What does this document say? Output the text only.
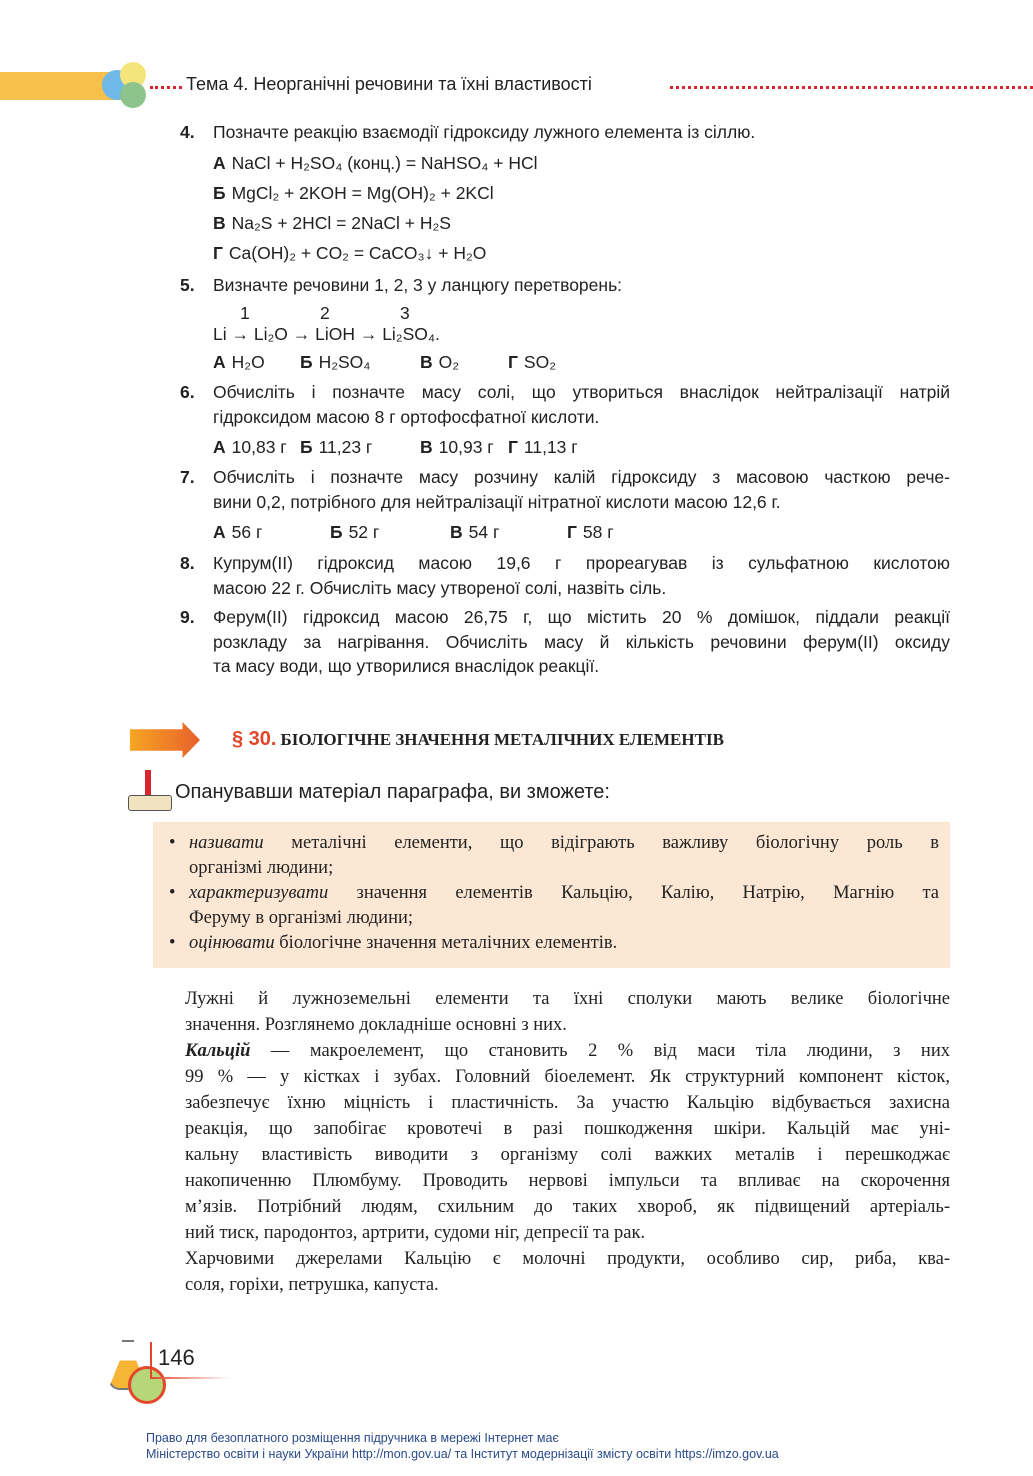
Тема 4. Неорганічні речовини та їхні властивості
4. Позначте реакцію взаємодії гідроксиду лужного елемента із сіллю.
А NaCl + H₂SO₄ (конц.) = NaHSO₄ + HCl
Б MgCl₂ + 2KOH = Mg(OH)₂ + 2KCl
В Na₂S + 2HCl = 2NaCl + H₂S
Г Ca(OH)₂ + CO₂ = CaCO₃↓ + H₂O
5. Визначте речовини 1, 2, 3 у ланцюгу перетворень:
1	2	3
Li → Li₂O → LiOH → Li₂SO₄.
А H₂O Б H₂SO₄	В O₂	Г SO₂
6. Обчисліть і позначте масу солі, що утвориться внаслідок нейтралізації натрій
гідроксидом масою 8 г ортофосфатної кислоти.
А 10,83 г Б 11,23 г	В 10,93 г Г 11,13 г
7. Обчисліть і позначте масу розчину калій гідроксиду з масовою часткою рече-
вини 0,2, потрібного для нейтралізації нітратної кислоти масою 12,6 г.
А 56 г	Б 52 г	В 54 г	Г 58 г
8. Купрум(ІІ) гідроксид масою 19,6 г прореагував із сульфатною кислотою
масою 22 г. Обчисліть масу утвореної солі, назвіть сіль.
9. Ферум(ІІ) гідроксид масою 26,75 г, що містить 20 % домішок, піддали реакції
розкладу за нагрівання. Обчисліть масу й кількість речовини ферум(ІІ) оксиду
та масу води, що утворилися внаслідок реакції.
§ 30. БІОЛОГІЧНЕ ЗНАЧЕННЯ МЕТАЛІЧНИХ ЕЛЕМЕНТІВ
Опанувавши матеріал параграфа, ви зможете:
• називати металічні елементи, що відіграють важливу біологічну роль в
організмі людини;
• характеризувати значення елементів Кальцію, Калію, Натрію, Магнію та
Феруму в організмі людини;
• оцінювати біологічне значення металічних елементів.
Лужні й лужноземельні елементи та їхні сполуки мають велике біологічне
значення. Розглянемо докладніше основні з них.
Кальцій — макроелемент, що становить 2 % від маси тіла людини, з них
99 % — у кістках і зубах. Головний біоелемент. Як структурний компонент кісток,
забезпечує їхню міцність і пластичність. За участю Кальцію відбувається захисна
реакція, що запобігає кровотечі в разі пошкодження шкіри. Кальцій має уні-
кальну властивість виводити з організму солі важких металів і перешкоджає
накопиченню Плюмбуму. Проводить нервові імпульси та впливає на скорочення
м’язів. Потрібний людям, схильним до таких хвороб, як підвищений артеріаль-
ний тиск, пародонтоз, артрити, судоми ніг, депресії та рак.
Харчовими джерелами Кальцію є молочні продукти, особливо сир, риба, ква-
соля, горіхи, петрушка, капуста.
146
Право для безоплатного розміщення підручника в мережі Інтернет має
Міністерство освіти і науки України http://mon.gov.ua/ та Інститут модернізації змісту освіти https://imzo.gov.ua
